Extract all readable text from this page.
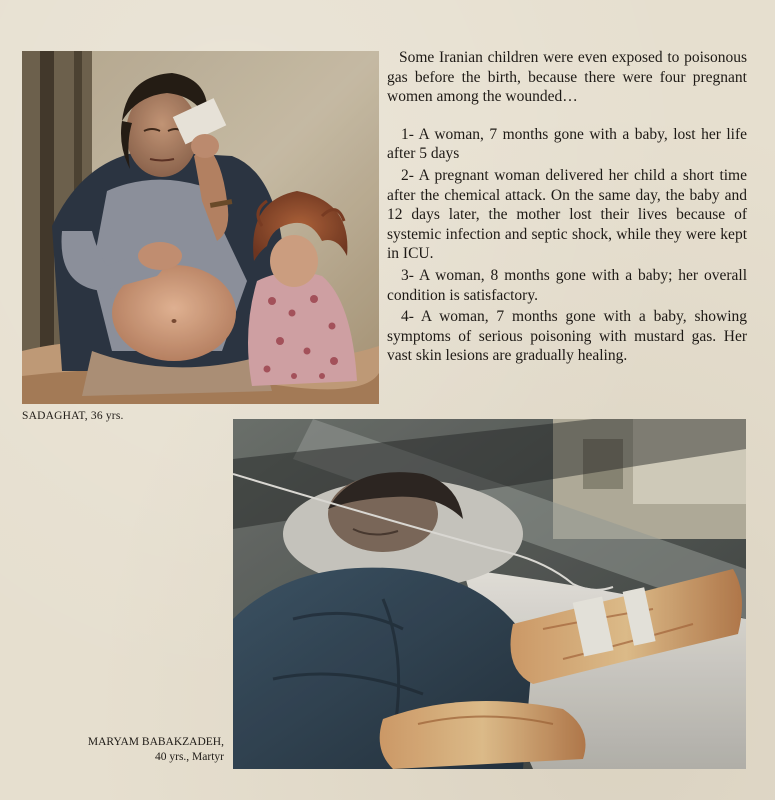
SADAGHAT, 36 yrs.

Some Iranian children were even exposed to poisonous gas before the birth, because there were four pregnant women among the wounded…

1- A woman, 7 months gone with a baby, lost her life after 5 days

2- A pregnant woman delivered her child a short time after the chemical attack. On the same day, the baby and 12 days later, the mother lost their lives because of systemic infection and septic shock, while they were kept in ICU.

3- A woman, 8 months gone with a baby; her overall condition is satisfactory.

4- A woman, 7 months gone with a baby, showing symptoms of serious poisoning with mustard gas. Her vast skin lesions are gradually healing.

MARYAM BABAKZADEH,
40 yrs., Martyr
